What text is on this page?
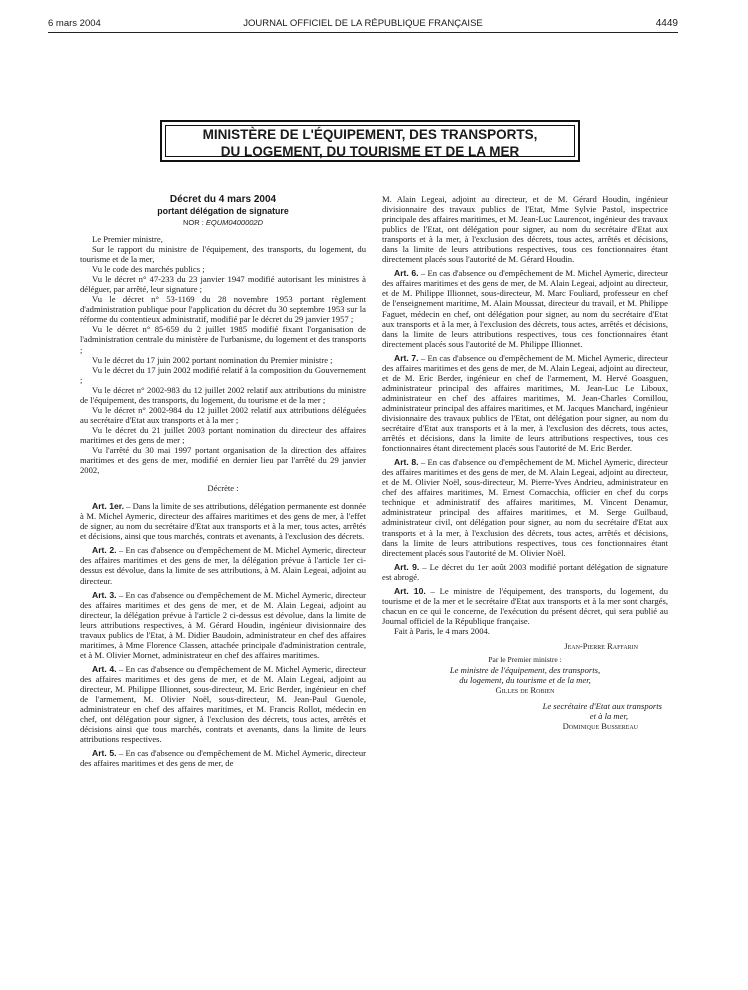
6 mars 2004	JOURNAL OFFICIEL DE LA RÉPUBLIQUE FRANÇAISE	4449
MINISTÈRE DE L'ÉQUIPEMENT, DES TRANSPORTS,
DU LOGEMENT, DU TOURISME ET DE LA MER
Décret du 4 mars 2004
portant délégation de signature
NOR : EQUM0400002D

Le Premier ministre,

Sur le rapport du ministre de l'équipement, des transports, du logement, du tourisme et de la mer,

Vu le code des marchés publics ;

Vu le décret n° 47-233 du 23 janvier 1947 modifié autorisant les ministres à déléguer, par arrêté, leur signature ;

Vu le décret n° 53-1169 du 28 novembre 1953 portant règlement d'administration publique pour l'application du décret du 30 septembre 1953 sur la réforme du contentieux administratif, modifié par le décret du 29 janvier 1957 ;

Vu le décret n° 85-659 du 2 juillet 1985 modifié fixant l'organisation de l'administration centrale du ministère de l'urbanisme, du logement et des transports ;

Vu le décret du 17 juin 2002 portant nomination du Premier ministre ;

Vu le décret du 17 juin 2002 modifié relatif à la composition du Gouvernement ;

Vu le décret n° 2002-983 du 12 juillet 2002 relatif aux attributions du ministre de l'équipement, des transports, du logement, du tourisme et de la mer ;

Vu le décret n° 2002-984 du 12 juillet 2002 relatif aux attributions déléguées au secrétaire d'Etat aux transports et à la mer ;

Vu le décret du 21 juillet 2003 portant nomination du directeur des affaires maritimes et des gens de mer ;

Vu l'arrêté du 30 mai 1997 portant organisation de la direction des affaires maritimes et des gens de mer, modifié en dernier lieu par l'arrêté du 29 janvier 2002,

Décrète :

Art. 1er. – Dans la limite de ses attributions, délégation permanente est donnée à M. Michel Aymeric, directeur des affaires maritimes et des gens de mer, à l'effet de signer, au nom du secrétaire d'Etat aux transports et à la mer, tous actes, arrêtés et décisions, ainsi que tous marchés, contrats et avenants, à l'exclusion des décrets.

Art. 2. – En cas d'absence ou d'empêchement de M. Michel Aymeric, directeur des affaires maritimes et des gens de mer, la délégation prévue à l'article 1er ci-dessus est dévolue, dans la limite de ses attributions, à M. Alain Legeai, adjoint au directeur.

Art. 3. – En cas d'absence ou d'empêchement de M. Michel Aymeric, directeur des affaires maritimes et des gens de mer, et de M. Alain Legeai, adjoint au directeur, la délégation prévue à l'article 2 ci-dessus est dévolue, dans la limite de leurs attributions respectives, à M. Gérard Houdin, ingénieur divisionnaire des travaux publics de l'Etat, à M. Didier Baudoin, administrateur en chef des affaires maritimes, à Mme Florence Classen, attachée principale d'administration centrale, et à M. Olivier Mornet, administrateur en chef des affaires maritimes.

Art. 4. – En cas d'absence ou d'empêchement de M. Michel Aymeric, directeur des affaires maritimes et des gens de mer, et de M. Alain Legeai, adjoint au directeur, M. Philippe Illionnet, sous-directeur, M. Eric Berder, ingénieur en chef de l'armement, M. Olivier Noël, sous-directeur, M. Jean-Paul Guenole, administrateur en chef des affaires maritimes, et M. Francis Rollot, médecin en chef, ont délégation pour signer, à l'exclusion des décrets, tous actes, arrêtés et décisions ainsi que tous marchés, contrats et avenants, dans la limite de leurs attributions respectives.

Art. 5. – En cas d'absence ou d'empêchement de M. Michel Aymeric, directeur des affaires maritimes et des gens de mer, de

M. Alain Legeai, adjoint au directeur, et de M. Gérard Houdin, ingénieur divisionnaire des travaux publics de l'Etat, Mme Sylvie Pastol, inspectrice principale des affaires maritimes, et M. Jean-Luc Laurencot, ingénieur des travaux publics de l'Etat, ont délégation pour signer, au nom du secrétaire d'Etat aux transports et à la mer, à l'exclusion des décrets, tous actes, arrêtés et décisions, dans la limite de leurs attributions respectives, tous ces fonctionnaires étant directement placés sous l'autorité de M. Gérard Houdin.

Art. 6. – En cas d'absence ou d'empêchement de M. Michel Aymeric, directeur des affaires maritimes et des gens de mer, de M. Alain Legeai, adjoint au directeur, et de M. Philippe Illionnet, sous-directeur, M. Marc Fouliard, professeur en chef de l'enseignement maritime, M. Alain Moussat, directeur du travail, et M. Philippe Faguet, médecin en chef, ont délégation pour signer, au nom du secrétaire d'Etat aux transports et à la mer, à l'exclusion des décrets, tous actes, arrêtés et décisions, dans la limite de leurs attributions respectives, tous ces fonctionnaires étant directement placés sous l'autorité de M. Philippe Illionnet.

Art. 7. – En cas d'absence ou d'empêchement de M. Michel Aymeric, directeur des affaires maritimes et des gens de mer, de M. Alain Legeai, adjoint au directeur, et de M. Eric Berder, ingénieur en chef de l'armement, M. Hervé Goasguen, administrateur principal des affaires maritimes, M. Jean-Luc Le Liboux, administrateur en chef des affaires maritimes, M. Jean-Charles Cornillou, administrateur principal des affaires maritimes, et M. Jacques Manchard, ingénieur divisionnaire des travaux publics de l'Etat, ont délégation pour signer, au nom du secrétaire d'Etat aux transports et à la mer, à l'exclusion des décrets, tous actes, arrêtés et décisions, dans la limite de leurs attributions respectives, tous ces fonctionnaires étant directement placés sous l'autorité de M. Eric Berder.

Art. 8. – En cas d'absence ou d'empêchement de M. Michel Aymeric, directeur des affaires maritimes et des gens de mer, de M. Alain Legeai, adjoint au directeur, et de M. Olivier Noël, sous-directeur, M. Pierre-Yves Andrieu, administrateur en chef des affaires maritimes, M. Ernest Cornacchia, officier en chef du corps technique et administratif des affaires maritimes, M. Vincent Denamur, administrateur principal des affaires maritimes, et M. Serge Guilbaud, administrateur civil, ont délégation pour signer, au nom du secrétaire d'Etat aux transports et à la mer, à l'exclusion des décrets, tous actes, arrêtés et décisions, dans la limite de leurs attributions respectives, tous ces fonctionnaires étant directement placés sous l'autorité de M. Olivier Noël.

Art. 9. – Le décret du 1er août 2003 modifié portant délégation de signature est abrogé.

Art. 10. – Le ministre de l'équipement, des transports, du logement, du tourisme et de la mer et le secrétaire d'Etat aux transports et à la mer sont chargés, chacun en ce qui le concerne, de l'exécution du présent décret, qui sera publié au Journal officiel de la République française.

Fait à Paris, le 4 mars 2004.

Jean-Pierre Raffarin
Par le Premier ministre :
Le ministre de l'équipement, des transports,
du logement, du tourisme et de la mer,
Gilles de Robien
Le secrétaire d'Etat aux transports
et à la mer,
Dominique Bussereau
